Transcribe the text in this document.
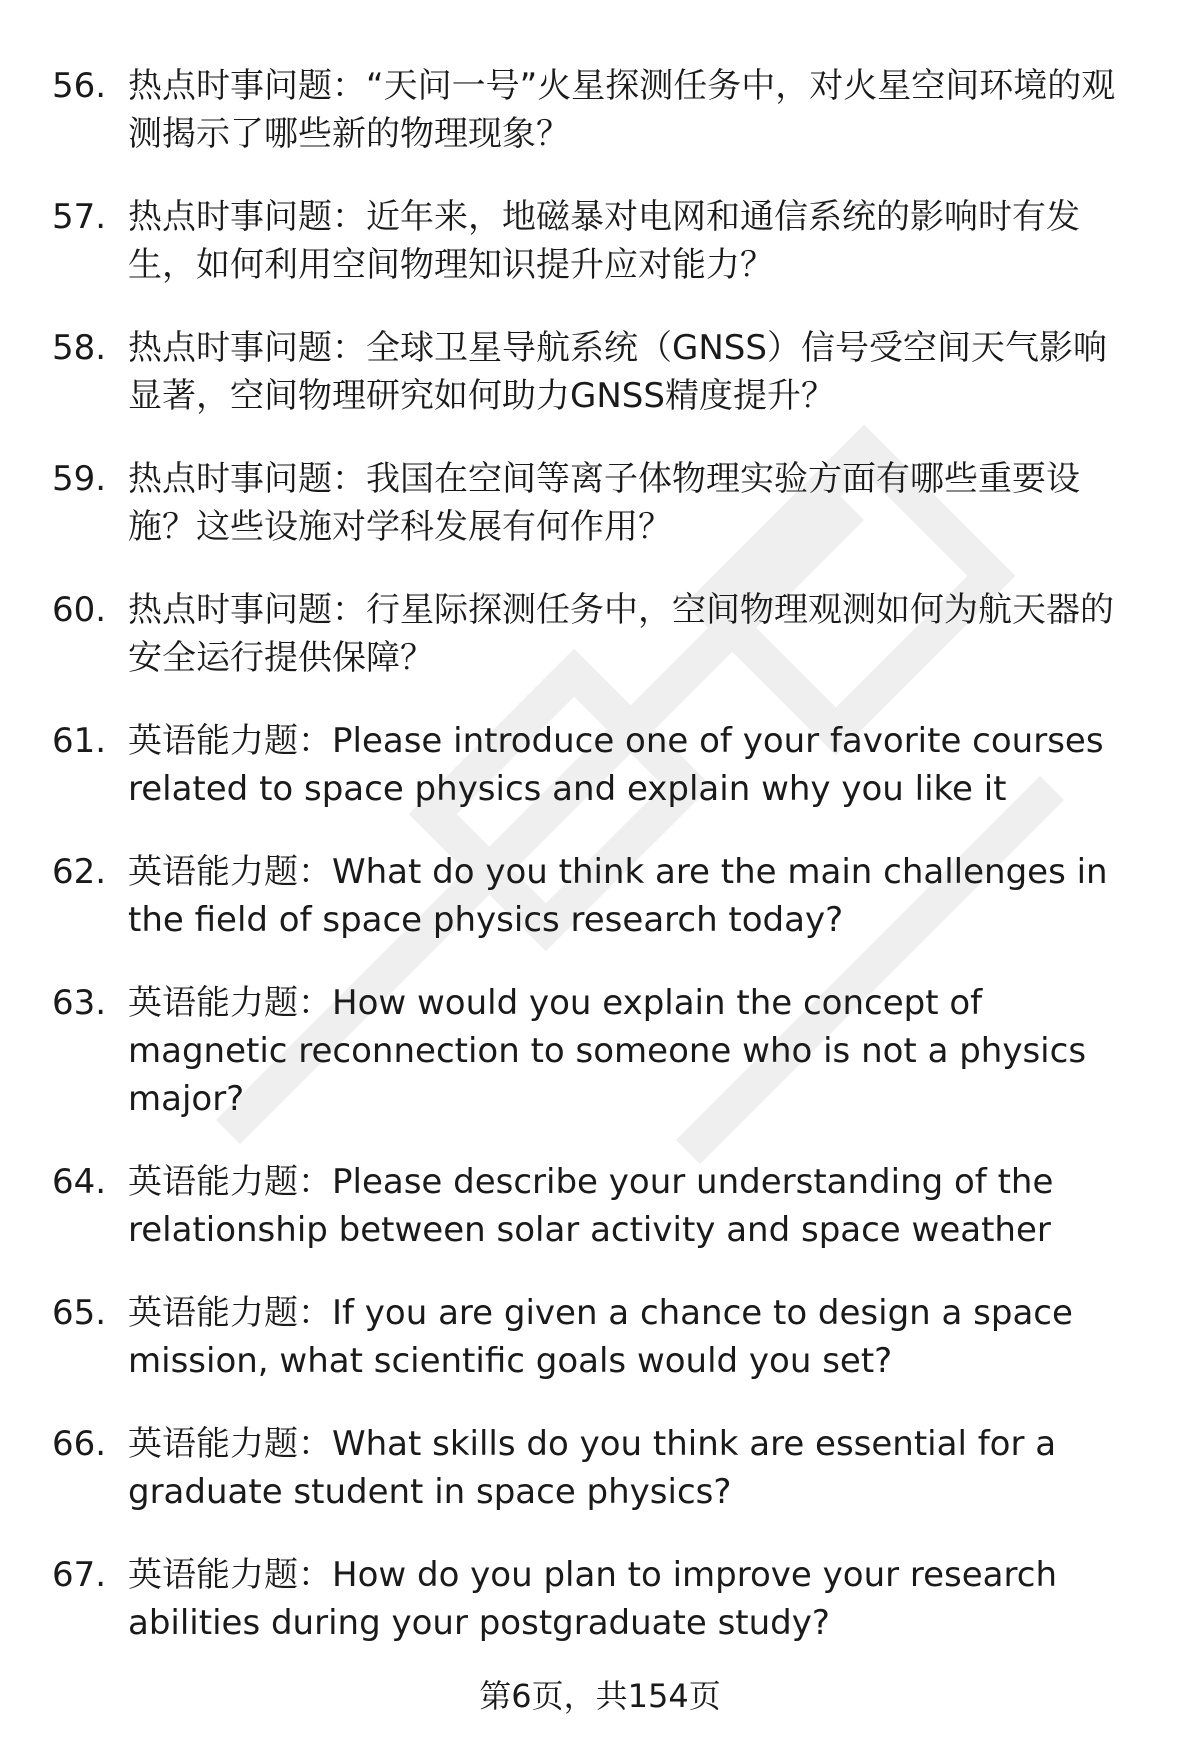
56. 热点时事问题：“天问一号”火星探测任务中，对火星空间环境的观测揭示了哪些新的物理现象？
57. 热点时事问题：近年来，地磁暴对电网和通信系统的影响时有发生，如何利用空间物理知识提升应对能力？
58. 热点时事问题：全球卫星导航系统（GNSS）信号受空间天气影响显著，空间物理研究如何助力GNSS精度提升？
59. 热点时事问题：我国在空间等离子体物理实验方面有哪些重要设施？这些设施对学科发展有何作用？
60. 热点时事问题：行星际探测任务中，空间物理观测如何为航天器的安全运行提供保障？
61. 英语能力题：Please introduce one of your favorite courses related to space physics and explain why you like it
62. 英语能力题：What do you think are the main challenges in the field of space physics research today?
63. 英语能力题：How would you explain the concept of magnetic reconnection to someone who is not a physics major?
64. 英语能力题：Please describe your understanding of the relationship between solar activity and space weather
65. 英语能力题：If you are given a chance to design a space mission, what scientific goals would you set?
66. 英语能力题：What skills do you think are essential for a graduate student in space physics?
67. 英语能力题：How do you plan to improve your research abilities during your postgraduate study?
第6页，共154页
